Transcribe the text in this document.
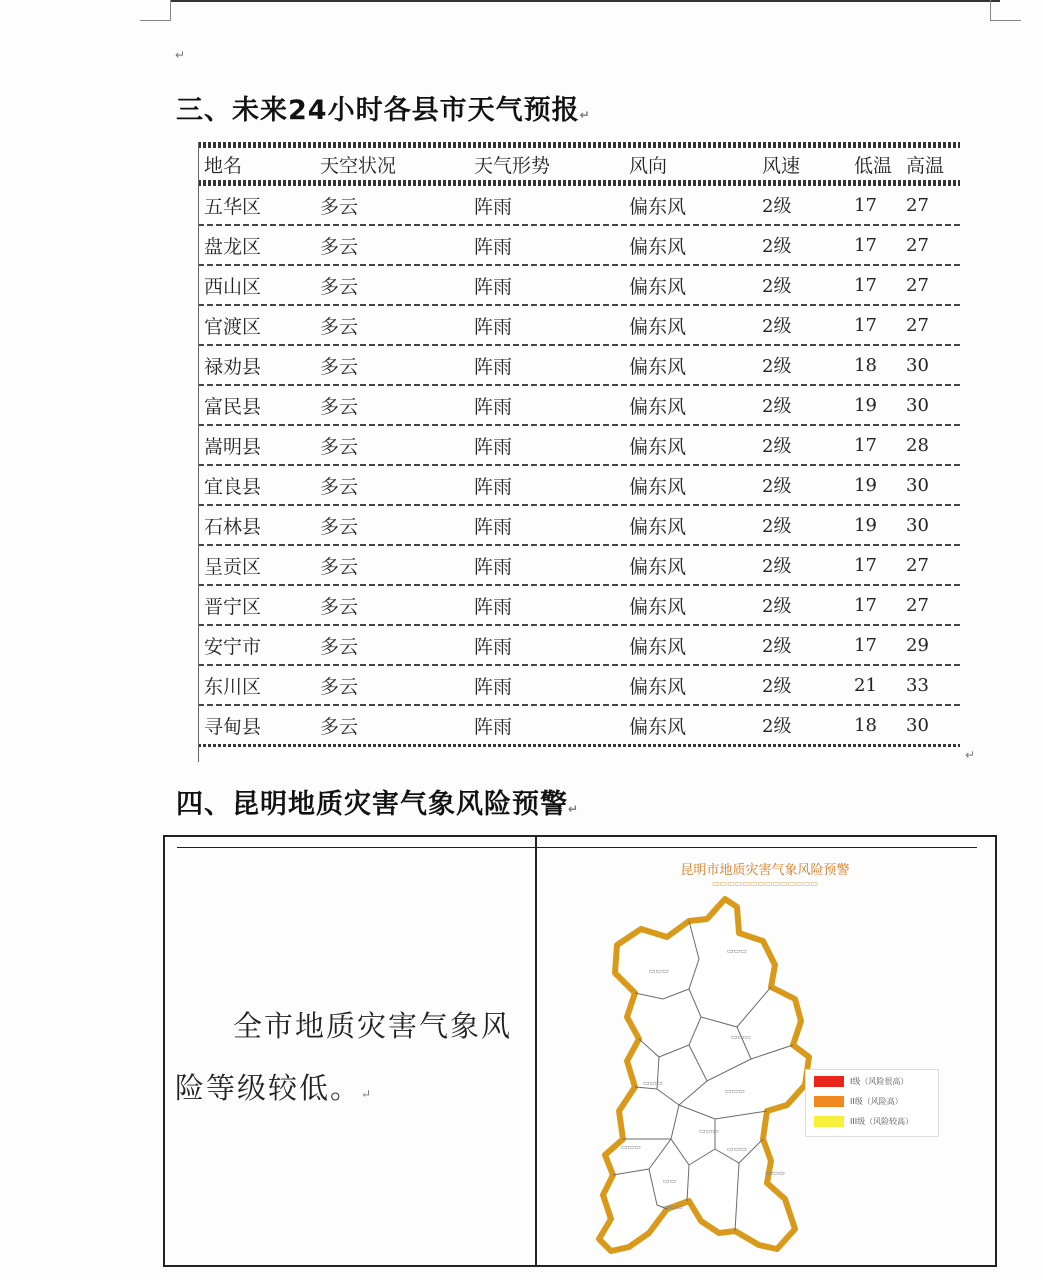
↵
三、未来24小时各县市天气预报↵
地名	天空状况	天气形势	风向	风速	低温 高温
五华区	多云	阵雨	偏东风	2级	17	27
盘龙区	多云	阵雨	偏东风	2级	17	27
西山区	多云	阵雨	偏东风	2级	17	27
官渡区	多云	阵雨	偏东风	2级	17	27
禄劝县	多云	阵雨	偏东风	2级	18	30
富民县	多云	阵雨	偏东风	2级	19	30
嵩明县	多云	阵雨	偏东风	2级	17	28
宜良县	多云	阵雨	偏东风	2级	19	30
石林县	多云	阵雨	偏东风	2级	19	30
呈贡区	多云	阵雨	偏东风	2级	17	27
晋宁区	多云	阵雨	偏东风	2级	17	27
安宁市	多云	阵雨	偏东风	2级	17	29
东川区	多云	阵雨	偏东风	2级	21	33
寻甸县	多云	阵雨	偏东风	2级	18	30
↵
四、昆明地质灾害气象风险预警↵
全市地质灾害气象风险等级较低。↵
昆明市地质灾害气象风险预警
▭▭▭▭▭▭▭▭▭▭▭▭▭▭
▭▭▭
▭▭▭
▭▭▭
▭▭▭
▭▭▭
▭▭▭
▭▭▭
▭▭▭
▭▭▭
▭▭
▭▭▭
I级（风险很高）
II级（风险高）
III级（风险较高）
